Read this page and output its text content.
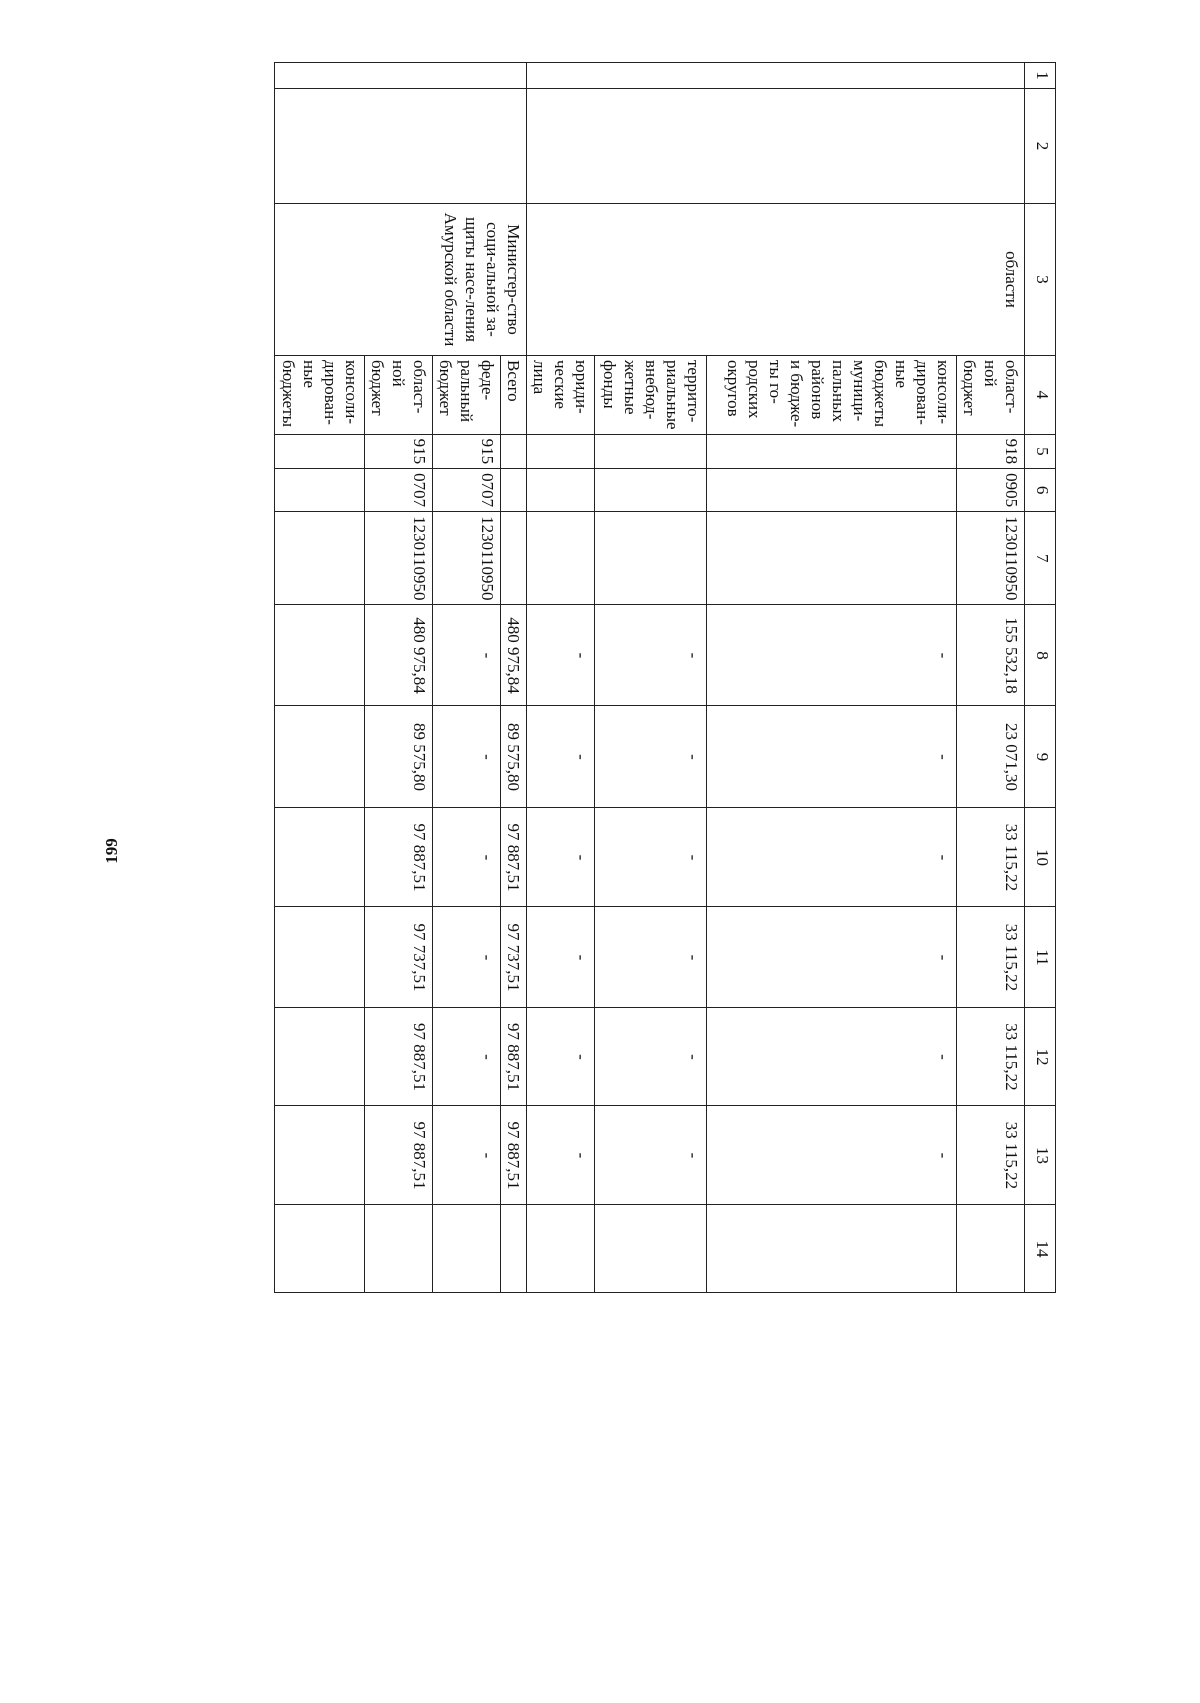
199
1	2	3	4	5	6	7	8	9	10	11	12	13	14
		области	област-ной бюджет	918	0905	1230110950	155 532,18	23 071,30	33 115,22	33 115,22	33 115,22	33 115,22	
			консоли-дирован-ные бюджеты муници-пальных районов и бюдже-ты го-родских округов				-	-	-	-	-	-	
			террито-риальные внебюд-жетные фонды				-	-	-	-	-	-	
			юриди-ческие лица				-	-	-	-	-	-	
		Министер-ство соци-альной за-щиты насе-ления Амурской области	Всего				480 975,84	89 575,80	97 887,51	97 737,51	97 887,51	97 887,51	
			феде-ральный бюджет	915	0707	1230110950	-	-	-	-	-	-	
			област-ной бюджет	915	0707	1230110950	480 975,84	89 575,80	97 887,51	97 737,51	97 887,51	97 887,51	
			консоли-дирован-ные бюджеты										
